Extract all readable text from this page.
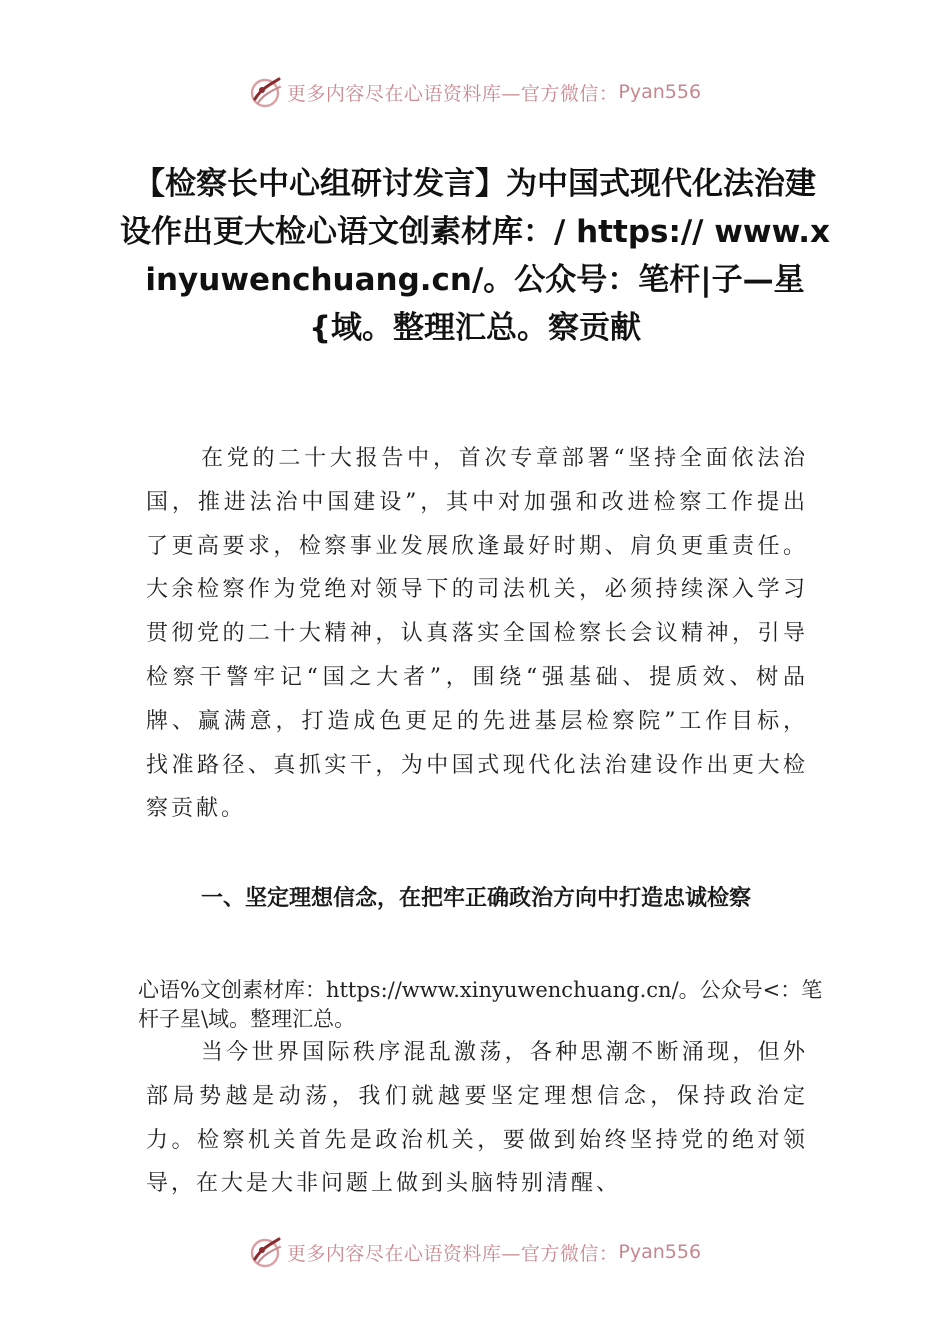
更多内容尽在心语资料库—官方微信： Pyan556
【检察长中心组研讨发言】为中国式现代化法治建设作出更大检心语文创素材库：/ https:// www.xinyuwenchuang.cn/。公众号：笔杆|子—星{域。整理汇总。察贡献

在党的二十大报告中，首次专章部署“坚持全面依法治国，推进法治中国建设”，其中对加强和改进检察工作提出了更高要求，检察事业发展欣逢最好时期、肩负更重责任。大余检察作为党绝对领导下的司法机关，必须持续深入学习贯彻党的二十大精神，认真落实全国检察长会议精神，引导检察干警牢记“国之大者”，围绕“强基础、提质效、树品牌、赢满意，打造成色更足的先进基层检察院”工作目标，找准路径、真抓实干，为中国式现代化法治建设作出更大检察贡献。

一、坚定理想信念，在把牢正确政治方向中打造忠诚检察

心语%文创素材库：https://www.xinyuwenchuang.cn/。公众号<：笔杆子星\域。整理汇总。

当今世界国际秩序混乱激荡，各种思潮不断涌现，但外部局势越是动荡，我们就越要坚定理想信念，保持政治定力。检察机关首先是政治机关，要做到始终坚持党的绝对领导，在大是大非问题上做到头脑特别清醒、

更多内容尽在心语资料库—官方微信： Pyan556
